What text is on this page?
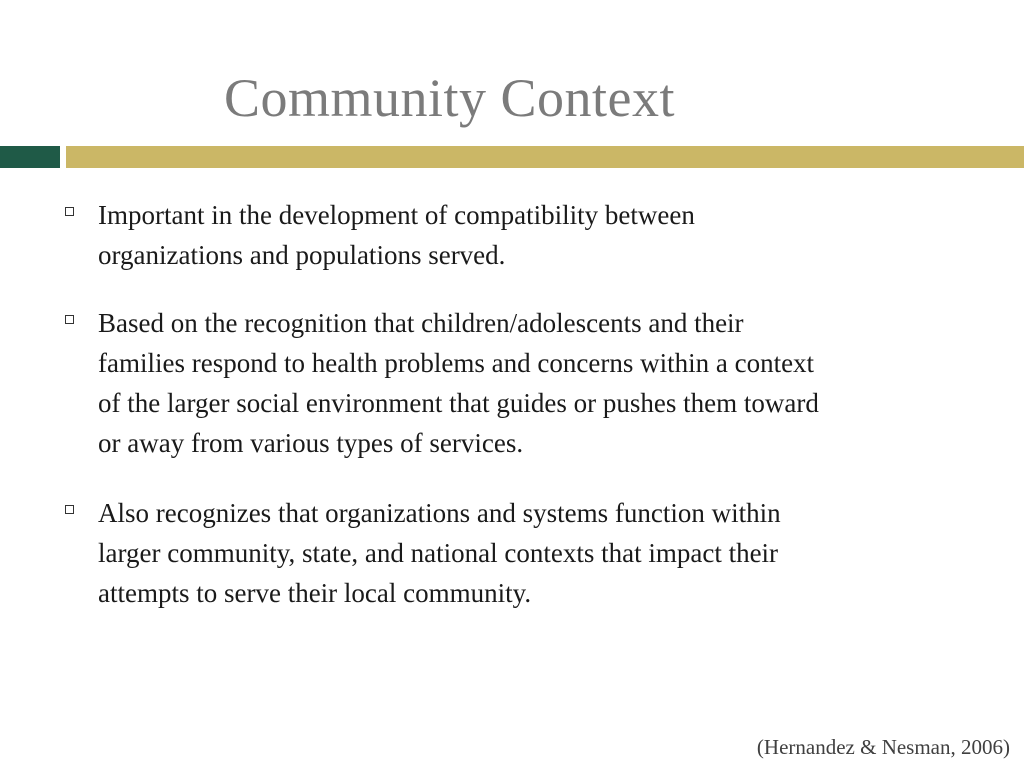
Community Context

Important in the development of compatibility between
organizations and populations served.

Based on the recognition that children/adolescents and their
families respond to health problems and concerns within a context
of the larger social environment that guides or pushes them toward
or away from various types of services.

Also recognizes that organizations and systems function within
larger community, state, and national contexts that impact their
attempts to serve their local community.

(Hernandez & Nesman, 2006)
